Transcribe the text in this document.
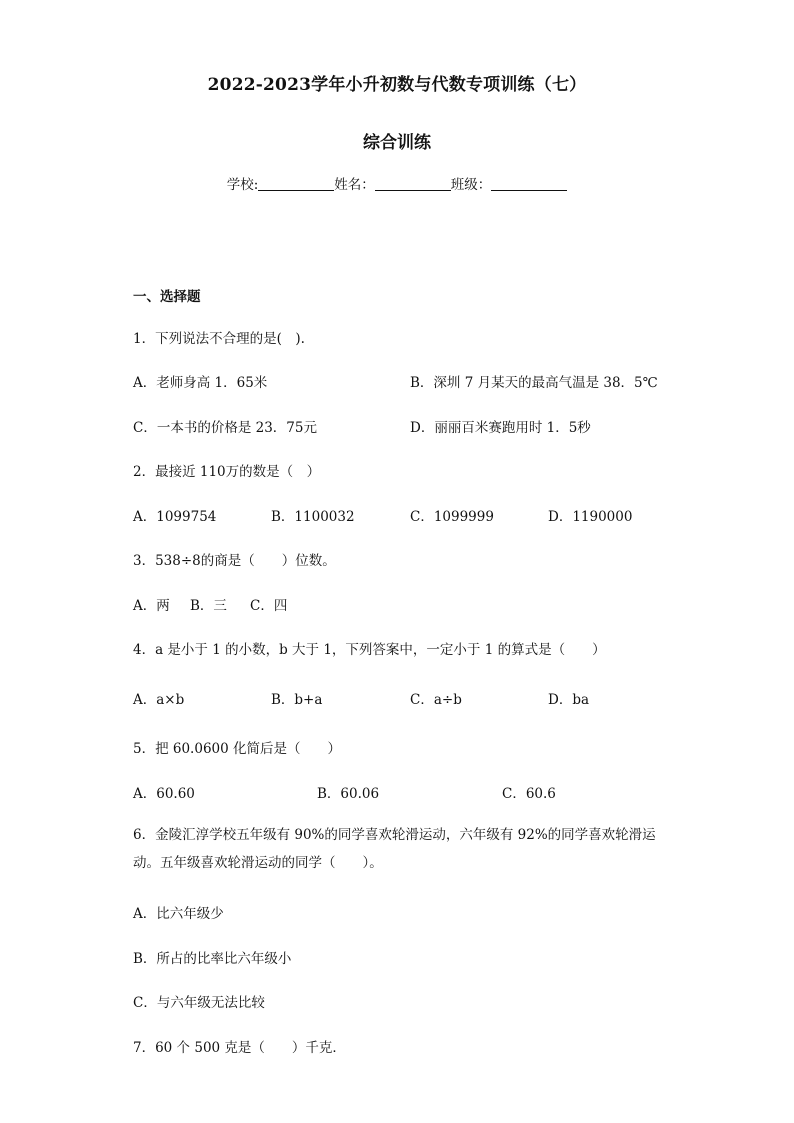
2022-2023学年小升初数与代数专项训练（七）
综合训练
学校:	姓名：	班级：
一、选择题
1．下列说法不合理的是(　).
A．老师身高 1．65米	B．深圳 7 月某天的最高气温是 38．5℃
C．一本书的价格是 23．75元	D．丽丽百米赛跑用时 1．5秒
2．最接近 110万的数是（　）
A．1099754	B．1100032	C．1099999	D．1190000
3．538÷8的商是（　　）位数。
A．两 B．三 C．四
4．a 是小于 1 的小数，b 大于 1，下列答案中，一定小于 1 的算式是（　　）
A．a×b	B．b+a	C．a÷b	D．ba
5．把 60.0600 化简后是（　　）
A．60.60	B．60.06	C．60.6
6．金陵汇淳学校五年级有 90%的同学喜欢轮滑运动，六年级有 92%的同学喜欢轮滑运动。五年级喜欢轮滑运动的同学（　　）。
A．比六年级少
B．所占的比率比六年级小
C．与六年级无法比较
7．60 个 500 克是（　　）千克．
